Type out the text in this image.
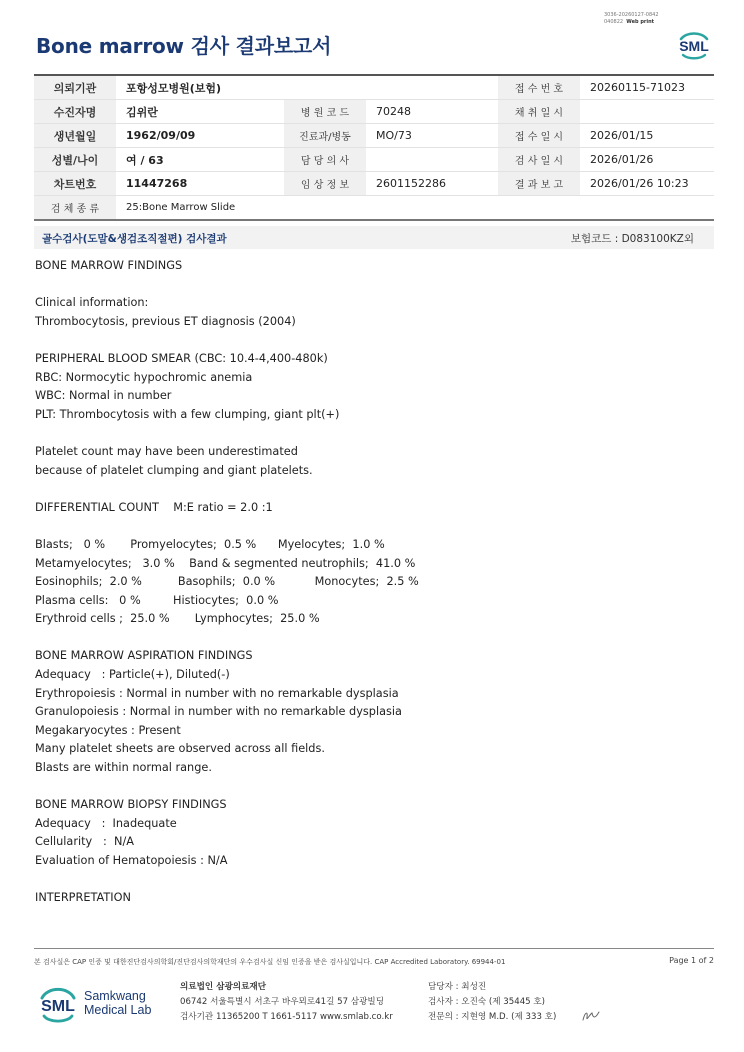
3036-20260127-0842
040822 Web print
Bone marrow 검사 결과보고서	SML
의뢰기관	포항성모병원(보험)			접 수 번 호	20260115-71023
수진자명	김위란	병 원 코 드	70248	채 취 일 시	
생년월일	1962/09/09	진료과/병동	MO/73	접 수 일 시	2026/01/15
성별/나이	여 / 63	담 당 의 사		검 사 일 시	2026/01/26
차트번호	11447268	임 상 정 보	2601152286	결 과 보 고	2026/01/26 10:23
검 체 종 류	25:Bone Marrow Slide				
골수검사(도말&생검조직절편) 검사결과	보험코드 : D083100KZ외

BONE MARROW FINDINGS

Clinical information:

Thrombocytosis, previous ET diagnosis (2004)

PERIPHERAL BLOOD SMEAR (CBC: 10.4-4,400-480k)

RBC: Normocytic hypochromic anemia

WBC: Normal in number

PLT: Thrombocytosis with a few clumping, giant plt(+)

Platelet count may have been underestimated

because of platelet clumping and giant platelets.

DIFFERENTIAL COUNT    M:E ratio = 2.0 :1

Blasts;   0 %       Promyelocytes;  0.5 %      Myelocytes;  1.0 %

Metamyelocytes;   3.0 %    Band & segmented neutrophils;  41.0 %

Eosinophils;  2.0 %          Basophils;  0.0 %           Monocytes;  2.5 %

Plasma cells:   0 %         Histiocytes;  0.0 %

Erythroid cells ;  25.0 %       Lymphocytes;  25.0 %

BONE MARROW ASPIRATION FINDINGS

Adequacy   : Particle(+), Diluted(-)

Erythropoiesis : Normal in number with no remarkable dysplasia

Granulopoiesis : Normal in number with no remarkable dysplasia

Megakaryocytes : Present

Many platelet sheets are observed across all fields.

Blasts are within normal range.

BONE MARROW BIOPSY FINDINGS

Adequacy   :  Inadequate

Cellularity   :  N/A

Evaluation of Hematopoiesis : N/A

INTERPRETATION

본 검사실은 CAP 인증 및 대한진단검사의학회/진단검사의학재단의 우수검사실 신임 인증을 받은 검사실입니다. CAP Accredited Laboratory. 69944-01	Page 1 of 2
SML
Samkwang
Medical Lab
의료법인 삼광의료재단
06742 서울특별시 서초구 바우뫼로41길 57 삼광빌딩
검사기관 11365200 T 1661-5117 www.smlab.co.kr
담당자 : 최성진
검사자 : 오진숙 (제 35445 호)
전문의 : 지현영 M.D. (제 333 호)
